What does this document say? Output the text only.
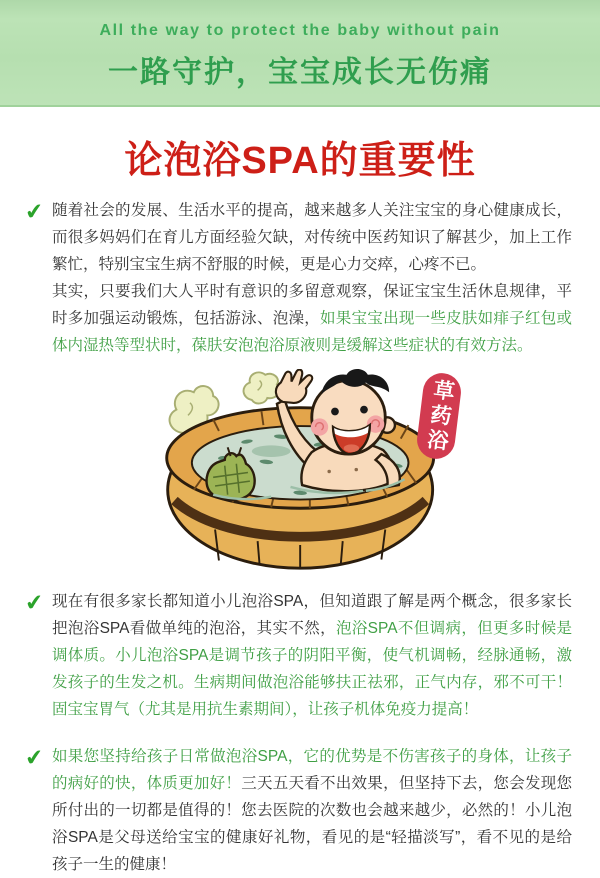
All the way to protect the baby without pain
一路守护，宝宝成长无伤痛
论泡浴SPA的重要性
✔ 随着社会的发展、生活水平的提高，越来越多人关注宝宝的身心健康成长，而很多妈妈们在育儿方面经验欠缺，对传统中医药知识了解甚少，加上工作繁忙，特别宝宝生病不舒服的时候，更是心力交瘁，心疼不已。

其实，只要我们大人平时有意识的多留意观察，保证宝宝生活休息规律，平时多加强运动锻炼，包括游泳、泡澡，如果宝宝出现一些皮肤如痱子红包或体内湿热等型状时，葆肤安泡泡浴原液则是缓解这些症状的有效方法。

草药浴
✔ 现在有很多家长都知道小儿泡浴SPA，但知道跟了解是两个概念，很多家长把泡浴SPA看做单纯的泡浴，其实不然，泡浴SPA不但调病，但更多时候是调体质。小儿泡浴SPA是调节孩子的阴阳平衡，使气机调畅，经脉通畅，激发孩子的生发之机。生病期间做泡浴能够扶正祛邪，正气内存，邪不可干！固宝宝胃气（尤其是用抗生素期间），让孩子机体免疫力提高！

✔ 如果您坚持给孩子日常做泡浴SPA，它的优势是不伤害孩子的身体，让孩子的病好的快，体质更加好！三天五天看不出效果，但坚持下去，您会发现您所付出的一切都是值得的！您去医院的次数也会越来越少，必然的！小儿泡浴SPA是父母送给宝宝的健康好礼物，看见的是“轻描淡写”，看不见的是给孩子一生的健康！
